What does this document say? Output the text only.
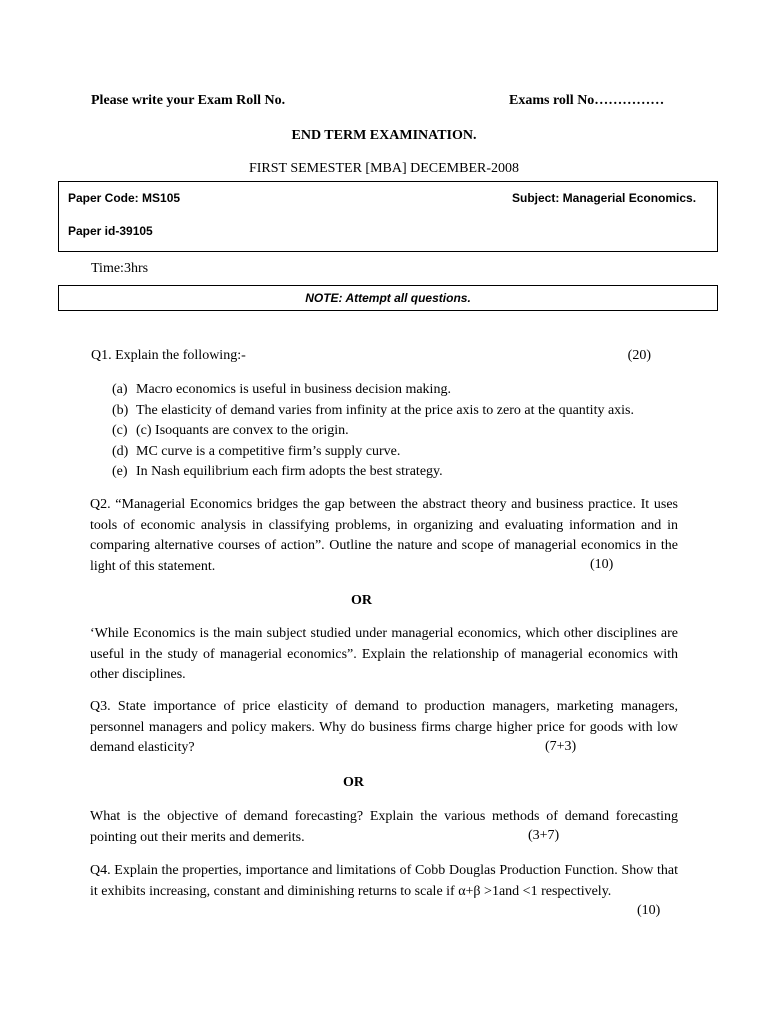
Please write your Exam Roll No.	Exams roll No……………
END TERM EXAMINATION.
FIRST SEMESTER [MBA] DECEMBER-2008
Paper Code: MS105	Subject: Managerial Economics.
Paper id-39105
Time:3hrs
NOTE: Attempt all questions.
Q1. Explain the following:-	(20)
(a) Macro economics is useful in business decision making.
(b) The elasticity of demand varies from infinity at the price axis to zero at the quantity axis.
(c) (c) Isoquants are convex to the origin.
(d) MC curve is a competitive firm’s supply curve.
(e) In Nash equilibrium each firm adopts the best strategy.
Q2. “Managerial Economics bridges the gap between the abstract theory and business practice. It uses tools of economic analysis in classifying problems, in organizing and evaluating information and in comparing alternative courses of action”. Outline the nature and scope of managerial economics in the light of this statement.	(10)
OR
‘While Economics is the main subject studied under managerial economics, which other disciplines are useful in the study of managerial economics”. Explain the relationship of managerial economics with other disciplines.
Q3. State importance of price elasticity of demand to production managers, marketing managers, personnel managers and policy makers. Why do business firms charge higher price for goods with low demand elasticity?	(7+3)
OR
What is the objective of demand forecasting? Explain the various methods of demand forecasting pointing out their merits and demerits.	(3+7)
Q4. Explain the properties, importance and limitations of Cobb Douglas Production Function. Show that it exhibits increasing, constant and diminishing returns to scale if α+β >1and <1 respectively.
(10)
